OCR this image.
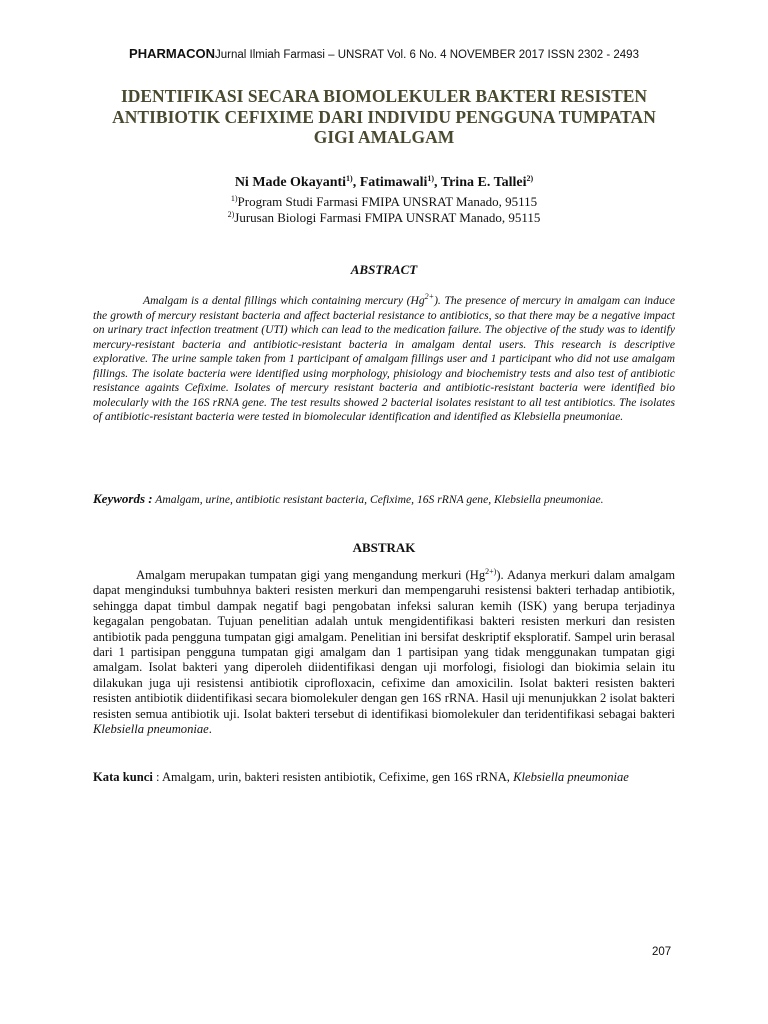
PHARMACONJurnal Ilmiah Farmasi – UNSRAT Vol. 6 No. 4 NOVEMBER 2017 ISSN 2302 - 2493
IDENTIFIKASI SECARA BIOMOLEKULER BAKTERI RESISTEN ANTIBIOTIK CEFIXIME DARI INDIVIDU PENGGUNA TUMPATAN GIGI AMALGAM
Ni Made Okayanti$^{1)}$, Fatimawali$^{1)}$, Trina E. Tallei$^{2)}$
$^{1)}$Program Studi Farmasi FMIPA UNSRAT Manado, 95115
$^{2)}$Jurusan Biologi Farmasi FMIPA UNSRAT Manado, 95115
ABSTRACT

Amalgam is a dental fillings which containing mercury $(Hg^{2+})$. The presence of mercury in amalgam can induce the growth of mercury resistant bacteria and affect bacterial resistance to antibiotics, so that there may be a negative impact on urinary tract infection treatment (UTI) which can lead to the medication failure. The objective of the study was to identify mercury-resistant bacteria and antibiotic-resistant bacteria in amalgam dental users. This research is descriptive explorative. The urine sample taken from 1 participant of amalgam fillings user and 1 participant who did not use amalgam fillings. The isolate bacteria were identified using morphology, phisiology and biochemistry tests and also test of antibiotic resistance againts Cefixime. Isolates of mercury resistant bacteria and antibiotic-resistant bacteria were identified bio molecularly with the 16S rRNA gene. The test results showed 2 bacterial isolates resistant to all test antibiotics. The isolates of antibiotic-resistant bacteria were tested in biomolecular identification and identified as Klebsiella pneumoniae.

Keywords : Amalgam, urine, antibiotic resistant bacteria, Cefixime, 16S rRNA gene, Klebsiella pneumoniae.

ABSTRAK

Amalgam merupakan tumpatan gigi yang mengandung merkuri $(Hg^{2+)})$. Adanya merkuri dalam amalgam dapat menginduksi tumbuhnya bakteri resisten merkuri dan mempengaruhi resistensi bakteri terhadap antibiotik, sehingga dapat timbul dampak negatif bagi pengobatan infeksi saluran kemih (ISK) yang berupa terjadinya kegagalan pengobatan. Tujuan penelitian adalah untuk mengidentifikasi bakteri resisten merkuri dan resisten antibiotik pada pengguna tumpatan gigi amalgam. Penelitian ini bersifat deskriptif eksploratif. Sampel urin berasal dari 1 partisipan pengguna tumpatan gigi amalgam dan 1 partisipan yang tidak menggunakan tumpatan gigi amalgam. Isolat bakteri yang diperoleh diidentifikasi dengan uji morfologi, fisiologi dan biokimia selain itu dilakukan juga uji resistensi antibiotik ciprofloxacin, cefixime dan amoxicilin. Isolat bakteri resisten bakteri resisten antibiotik diidentifikasi secara biomolekuler dengan gen 16S rRNA. Hasil uji menunjukkan 2 isolat bakteri resisten semua antibiotik uji. Isolat bakteri tersebut di identifikasi biomolekuler dan teridentifikasi sebagai bakteri Klebsiella pneumoniae.

Kata kunci : Amalgam, urin, bakteri resisten antibiotik, Cefixime, gen 16S rRNA, Klebsiella pneumoniae

207
